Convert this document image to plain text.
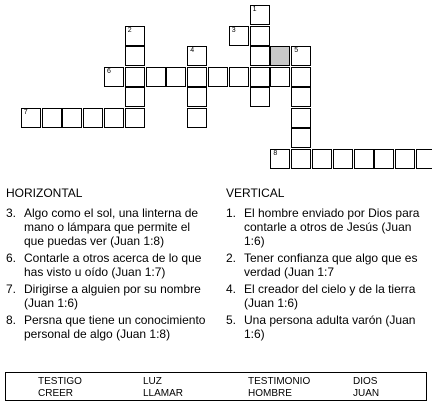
1
2	3
4	5
6
7
8
HORIZONTAL
3. Algo como el sol, una linterna de mano o lámpara que permite el que puedas ver (Juan 1:8)
6. Contarle a otros acerca de lo que has visto u oído (Juan 1:7)
7. Dirigirse a alguien por su nombre (Juan 1:6)
8. Persna que tiene un conocimiento personal de algo (Juan 1:8)
VERTICAL
1. El hombre enviado por Dios para contarle a otros de Jesús (Juan 1:6)
2. Tener confianza que algo que es verdad (Juan 1:7
4. El creador del cielo y de la tierra (Juan 1:6)
5. Una persona adulta varón (Juan 1:6)
TESTIGO	LUZ	TESTIMONIO	DIOS
CREER	LLAMAR	HOMBRE	JUAN
